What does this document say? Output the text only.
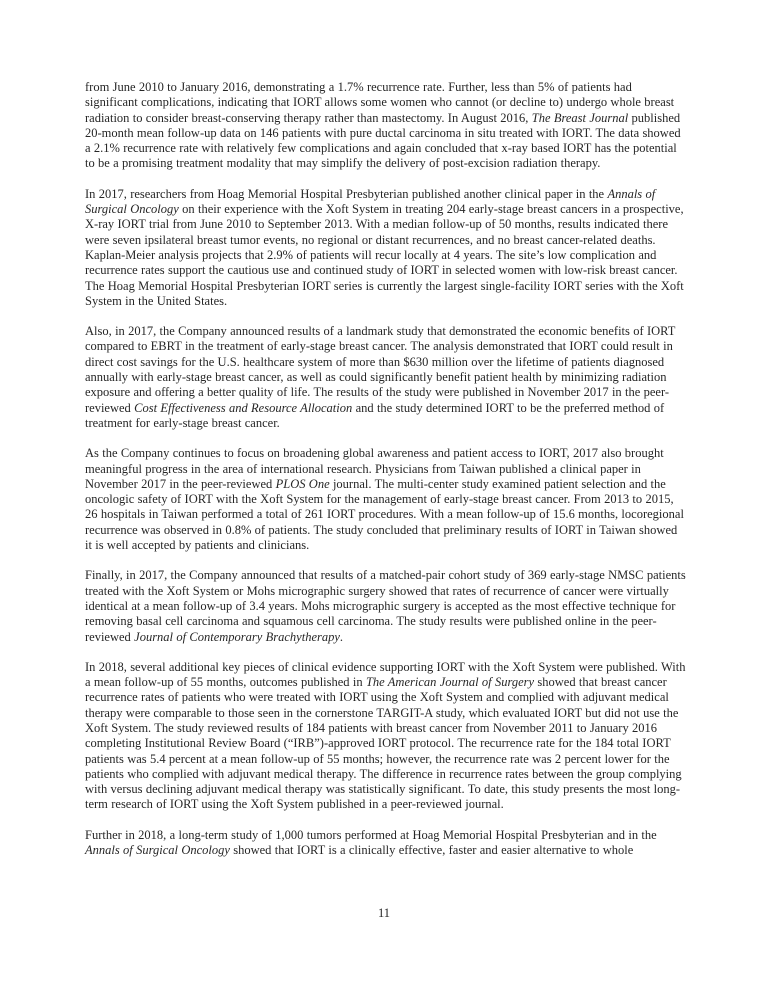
from June 2010 to January 2016, demonstrating a 1.7% recurrence rate. Further, less than 5% of patients had significant complications, indicating that IORT allows some women who cannot (or decline to) undergo whole breast radiation to consider breast-conserving therapy rather than mastectomy. In August 2016, The Breast Journal published 20-month mean follow-up data on 146 patients with pure ductal carcinoma in situ treated with IORT. The data showed a 2.1% recurrence rate with relatively few complications and again concluded that x-ray based IORT has the potential to be a promising treatment modality that may simplify the delivery of post-excision radiation therapy.

In 2017, researchers from Hoag Memorial Hospital Presbyterian published another clinical paper in the Annals of Surgical Oncology on their experience with the Xoft System in treating 204 early-stage breast cancers in a prospective, X-ray IORT trial from June 2010 to September 2013. With a median follow-up of 50 months, results indicated there were seven ipsilateral breast tumor events, no regional or distant recurrences, and no breast cancer-related deaths. Kaplan-Meier analysis projects that 2.9% of patients will recur locally at 4 years. The site’s low complication and recurrence rates support the cautious use and continued study of IORT in selected women with low-risk breast cancer. The Hoag Memorial Hospital Presbyterian IORT series is currently the largest single-facility IORT series with the Xoft System in the United States.

Also, in 2017, the Company announced results of a landmark study that demonstrated the economic benefits of IORT compared to EBRT in the treatment of early-stage breast cancer. The analysis demonstrated that IORT could result in direct cost savings for the U.S. healthcare system of more than $630 million over the lifetime of patients diagnosed annually with early-stage breast cancer, as well as could significantly benefit patient health by minimizing radiation exposure and offering a better quality of life. The results of the study were published in November 2017 in the peer-reviewed Cost Effectiveness and Resource Allocation and the study determined IORT to be the preferred method of treatment for early-stage breast cancer.

As the Company continues to focus on broadening global awareness and patient access to IORT, 2017 also brought meaningful progress in the area of international research. Physicians from Taiwan published a clinical paper in November 2017 in the peer-reviewed PLOS One journal. The multi-center study examined patient selection and the oncologic safety of IORT with the Xoft System for the management of early-stage breast cancer. From 2013 to 2015, 26 hospitals in Taiwan performed a total of 261 IORT procedures. With a mean follow-up of 15.6 months, locoregional recurrence was observed in 0.8% of patients. The study concluded that preliminary results of IORT in Taiwan showed it is well accepted by patients and clinicians.

Finally, in 2017, the Company announced that results of a matched-pair cohort study of 369 early-stage NMSC patients treated with the Xoft System or Mohs micrographic surgery showed that rates of recurrence of cancer were virtually identical at a mean follow-up of 3.4 years. Mohs micrographic surgery is accepted as the most effective technique for removing basal cell carcinoma and squamous cell carcinoma. The study results were published online in the peer-reviewed Journal of Contemporary Brachytherapy.

In 2018, several additional key pieces of clinical evidence supporting IORT with the Xoft System were published. With a mean follow-up of 55 months, outcomes published in The American Journal of Surgery showed that breast cancer recurrence rates of patients who were treated with IORT using the Xoft System and complied with adjuvant medical therapy were comparable to those seen in the cornerstone TARGIT-A study, which evaluated IORT but did not use the Xoft System. The study reviewed results of 184 patients with breast cancer from November 2011 to January 2016 completing Institutional Review Board (“IRB”)-approved IORT protocol. The recurrence rate for the 184 total IORT patients was 5.4 percent at a mean follow-up of 55 months; however, the recurrence rate was 2 percent lower for the patients who complied with adjuvant medical therapy. The difference in recurrence rates between the group complying with versus declining adjuvant medical therapy was statistically significant. To date, this study presents the most long-term research of IORT using the Xoft System published in a peer-reviewed journal.

Further in 2018, a long-term study of 1,000 tumors performed at Hoag Memorial Hospital Presbyterian and in the Annals of Surgical Oncology showed that IORT is a clinically effective, faster and easier alternative to whole

11
